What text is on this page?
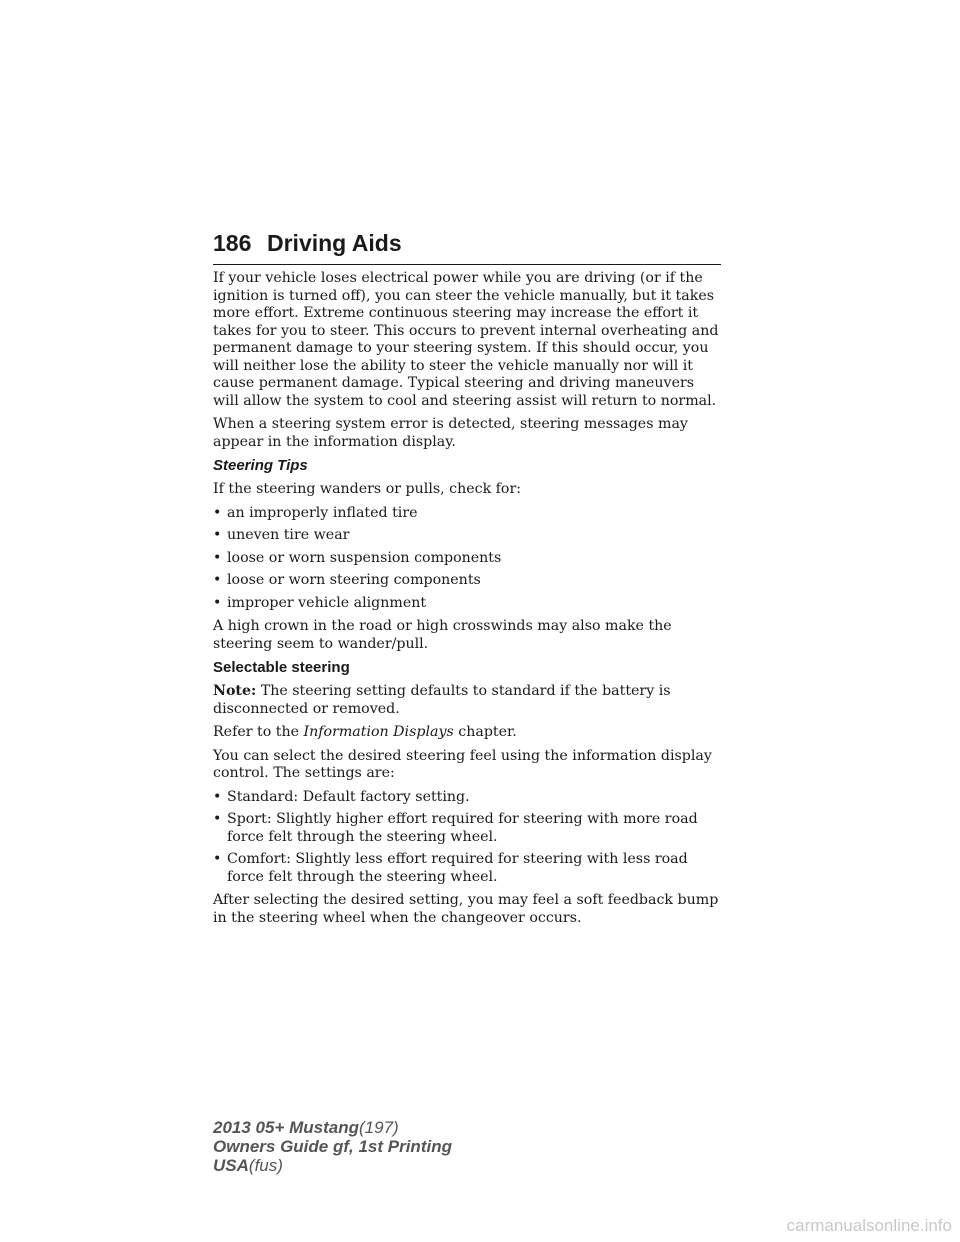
186 Driving Aids

If your vehicle loses electrical power while you are driving (or if the ignition is turned off), you can steer the vehicle manually, but it takes more effort. Extreme continuous steering may increase the effort it takes for you to steer. This occurs to prevent internal overheating and permanent damage to your steering system. If this should occur, you will neither lose the ability to steer the vehicle manually nor will it cause permanent damage. Typical steering and driving maneuvers will allow the system to cool and steering assist will return to normal.

When a steering system error is detected, steering messages may appear in the information display.

Steering Tips

If the steering wanders or pulls, check for:

• an improperly inflated tire
• uneven tire wear
• loose or worn suspension components
• loose or worn steering components
• improper vehicle alignment

A high crown in the road or high crosswinds may also make the steering seem to wander/pull.

Selectable steering

Note: The steering setting defaults to standard if the battery is disconnected or removed.

Refer to the Information Displays chapter.

You can select the desired steering feel using the information display control. The settings are:

• Standard: Default factory setting.
• Sport: Slightly higher effort required for steering with more road force felt through the steering wheel.
• Comfort: Slightly less effort required for steering with less road force felt through the steering wheel.

After selecting the desired setting, you may feel a soft feedback bump in the steering wheel when the changeover occurs.

2013 05+ Mustang(197)
Owners Guide gf, 1st Printing
USA(fus)
carmanualsonline.info
